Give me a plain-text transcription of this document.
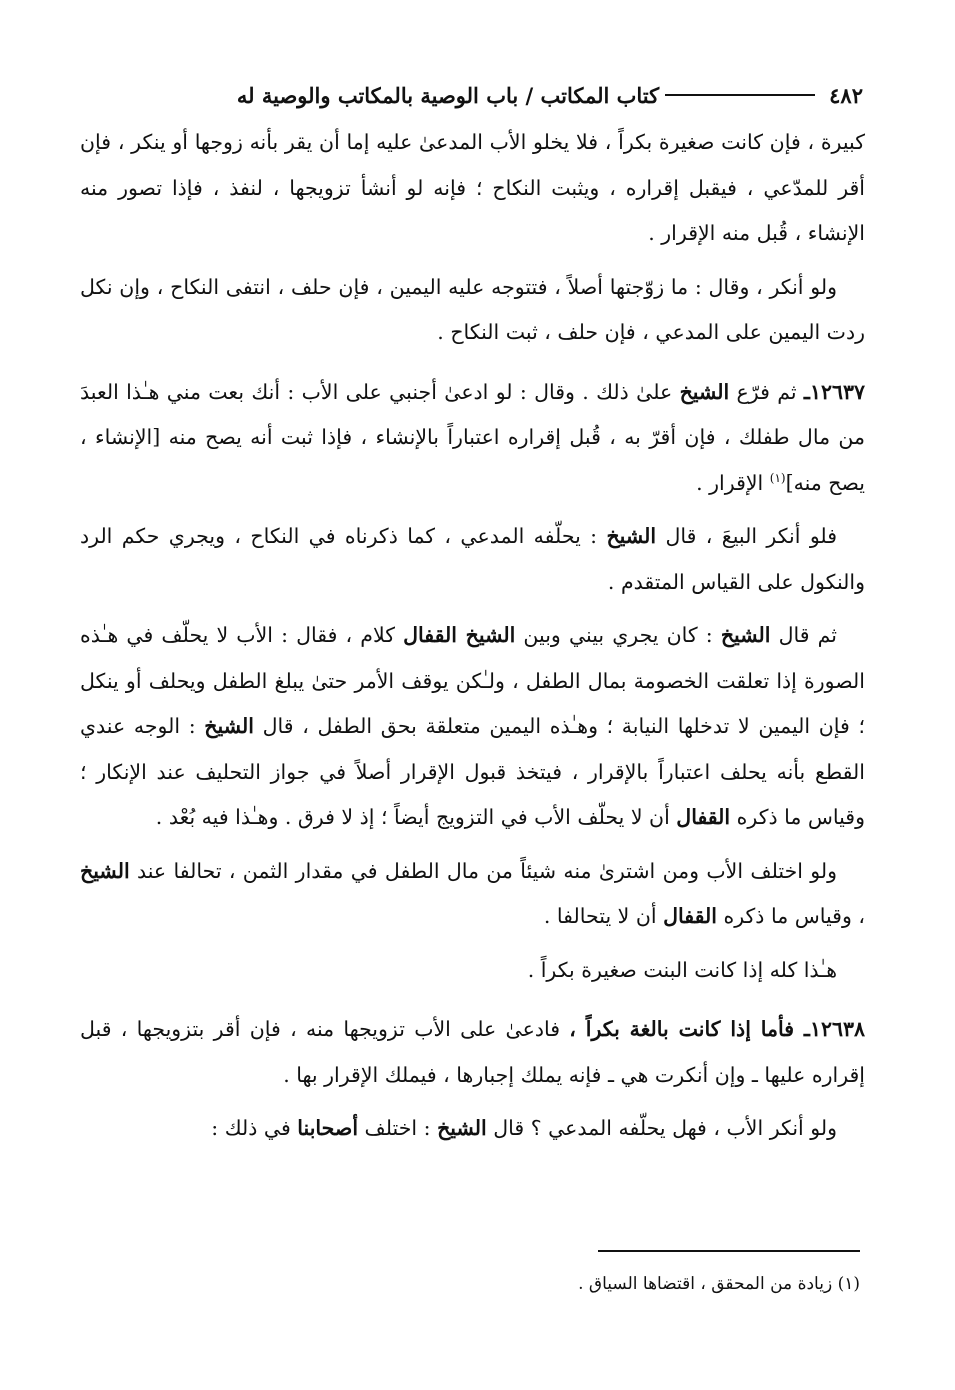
٤٨٢
كتاب المكاتب / باب الوصية بالمكاتب والوصية له

كبيرة ، فإن كانت صغيرة بكراً ، فلا يخلو الأب المدعىٰ عليه إما أن يقر بأنه زوجها أو ينكر ، فإن أقر للمدّعي ، فيقبل إقراره ، ويثبت النكاح ؛ فإنه لو أنشأ تزويجها ، لنفذ ، فإذا تصور منه الإنشاء ، قُبل منه الإقرار .

ولو أنكر ، وقال : ما زوّجتها أصلاً ، فتتوجه عليه اليمين ، فإن حلف ، انتفى النكاح ، وإن نكل ردت اليمين على المدعي ، فإن حلف ، ثبت النكاح .

١٢٦٣٧ـ ثم فرّع الشيخ علىٰ ذلك . وقال : لو ادعىٰ أجنبي على الأب : أنك بعت مني هـٰذا العبدَ من مال طفلك ، فإن أقرّ به ، قُبل إقراره اعتباراً بالإنشاء ، فإذا ثبت أنه يصح منه [الإنشاء ، يصح منه]$^{(١)}$ الإقرار .

فلو أنكر البيعَ ، قال الشيخ : يحلّفه المدعي ، كما ذكرناه في النكاح ، ويجري حكم الرد والنكول على القياس المتقدم .

ثم قال الشيخ : كان يجري بيني وبين الشيخ القفال كلام ، فقال : الأب لا يحلّف في هـٰذه الصورة إذا تعلقت الخصومة بمال الطفل ، ولـٰكن يوقف الأمر حتىٰ يبلغ الطفل ويحلف أو ينكل ؛ فإن اليمين لا تدخلها النيابة ؛ وهـٰذه اليمين متعلقة بحق الطفل ، قال الشيخ : الوجه عندي القطع بأنه يحلف اعتباراً بالإقرار ، فيتخذ قبول الإقرار أصلاً في جواز التحليف عند الإنكار ؛ وقياس ما ذكره القفال أن لا يحلّف الأب في التزويج أيضاً ؛ إذ لا فرق . وهـٰذا فيه بُعْد .

ولو اختلف الأب ومن اشترىٰ منه شيئاً من مال الطفل في مقدار الثمن ، تحالفا عند الشيخ ، وقياس ما ذكره القفال أن لا يتحالفا .

هـٰذا كله إذا كانت البنت صغيرة بكراً .

١٢٦٣٨ـ فأما إذا كانت بالغة بكراً ، فادعىٰ على الأب تزويجها منه ، فإن أقر بتزويجها ، قبل إقراره عليها ـ وإن أنكرت هي ـ فإنه يملك إجبارها ، فيملك الإقرار بها .

ولو أنكر الأب ، فهل يحلّفه المدعي ؟ قال الشيخ : اختلف أصحابنا في ذلك :

(١) زيادة من المحقق ، اقتضاها السياق .
